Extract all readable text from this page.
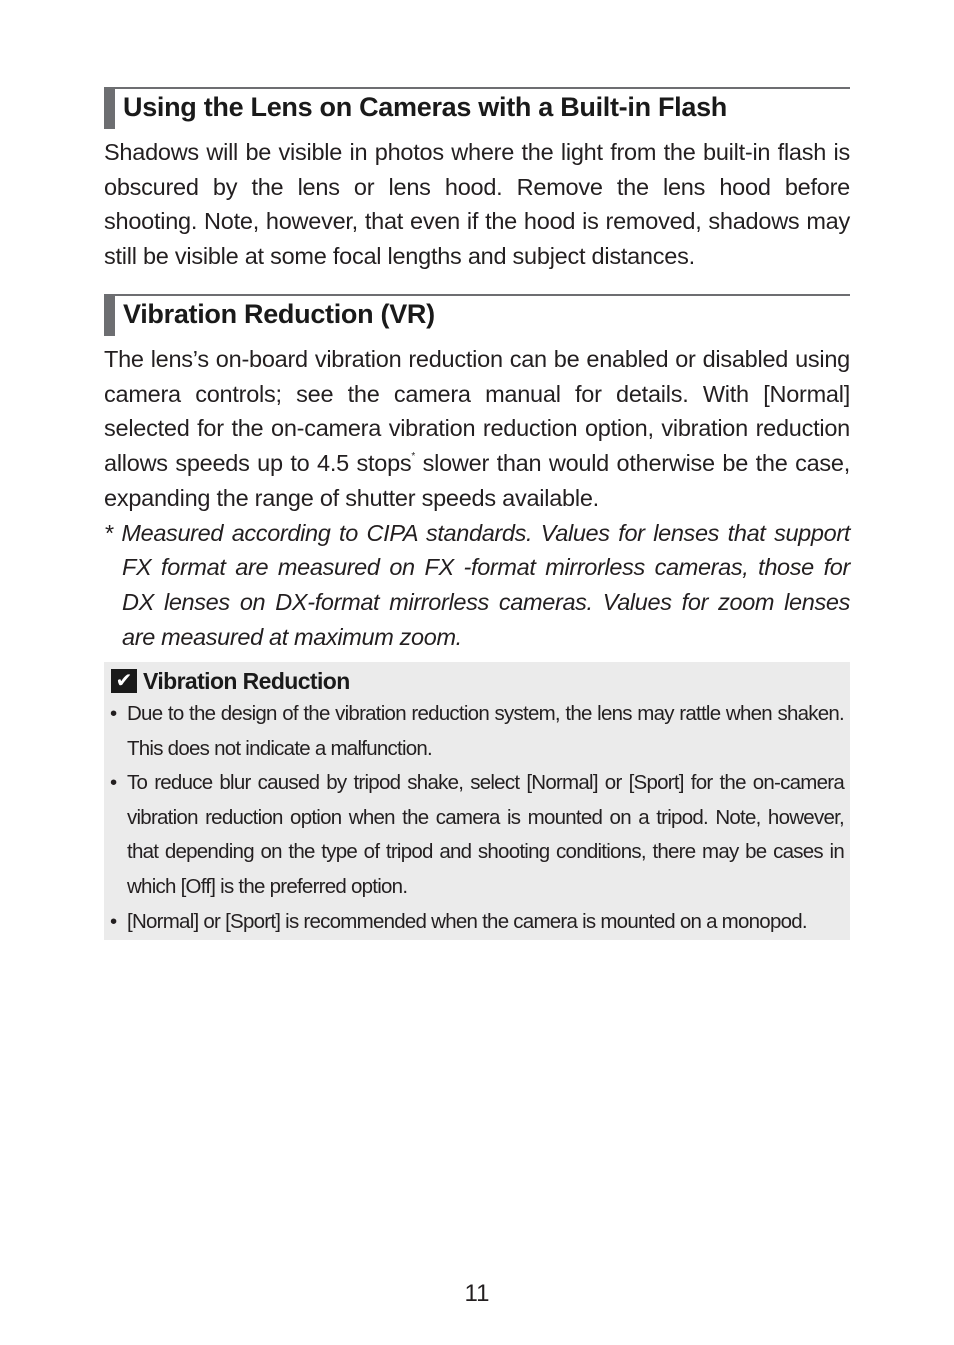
Using the Lens on Cameras with a Built-in Flash

Shadows will be visible in photos where the light from the built-in flash is obscured by the lens or lens hood. Remove the lens hood before shooting. Note, however, that even if the hood is removed, shadows may still be visible at some focal lengths and subject distances.

Vibration Reduction (VR)

The lens’s on-board vibration reduction can be enabled or disabled using camera controls; see the camera manual for details. With [Normal] selected for the on-camera vibration reduction option, vibration reduction allows speeds up to 4.5 stops* slower than would otherwise be the case, expanding the range of shutter speeds available.

* Measured according to CIPA standards. Values for lenses that support FX format are measured on FX -format mirrorless cameras, those for DX lenses on DX-format mirrorless cameras. Values for zoom lenses are measured at maximum zoom.

✔ Vibration Reduction
• Due to the design of the vibration reduction system, the lens may rattle when shaken. This does not indicate a malfunction.
• To reduce blur caused by tripod shake, select [Normal] or [Sport] for the on-camera vibration reduction option when the camera is mounted on a tripod. Note, however, that depending on the type of tripod and shooting conditions, there may be cases in which [Off] is the preferred option.
• [Normal] or [Sport] is recommended when the camera is mounted on a monopod.
11
